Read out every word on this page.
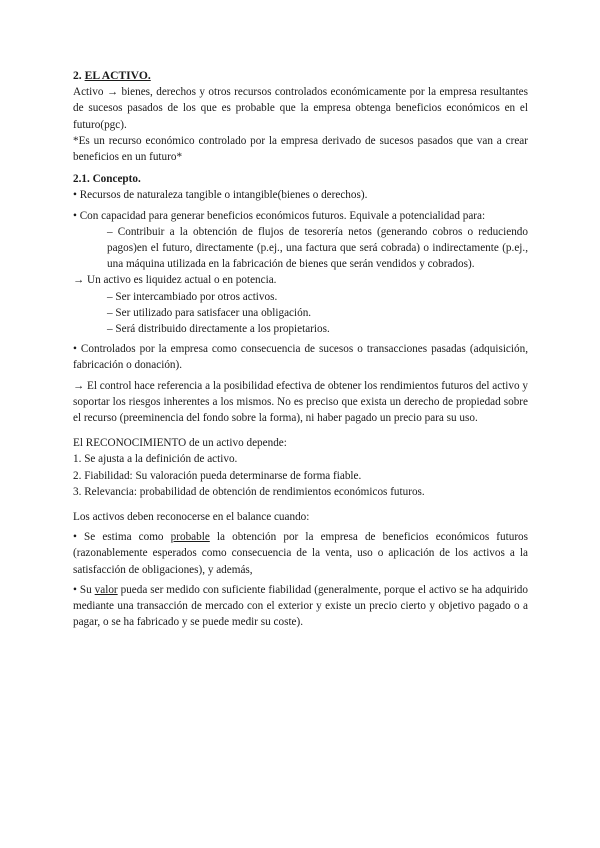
2. EL ACTIVO.

Activo → bienes, derechos y otros recursos controlados económicamente por la empresa resultantes de sucesos pasados de los que es probable que la empresa obtenga beneficios económicos en el futuro(pgc).

*Es un recurso económico controlado por la empresa derivado de sucesos pasados que van a crear beneficios en un futuro*

2.1. Concepto.

• Recursos de naturaleza tangible o intangible(bienes o derechos).

• Con capacidad para generar beneficios económicos futuros. Equivale a potencialidad para:

– Contribuir a la obtención de flujos de tesorería netos (generando cobros o reduciendo pagos)en el futuro, directamente (p.ej., una factura que será cobrada) o indirectamente (p.ej., una máquina utilizada en la fabricación de bienes que serán vendidos y cobrados).

→ Un activo es liquidez actual o en potencia.

– Ser intercambiado por otros activos.

– Ser utilizado para satisfacer una obligación.

– Será distribuido directamente a los propietarios.

• Controlados por la empresa como consecuencia de sucesos o transacciones pasadas (adquisición, fabricación o donación).

→ El control hace referencia a la posibilidad efectiva de obtener los rendimientos futuros del activo y soportar los riesgos inherentes a los mismos. No es preciso que exista un derecho de propiedad sobre el recurso (preeminencia del fondo sobre la forma), ni haber pagado un precio para su uso.

El RECONOCIMIENTO de un activo depende:

1. Se ajusta a la definición de activo.

2. Fiabilidad: Su valoración pueda determinarse de forma fiable.

3. Relevancia: probabilidad de obtención de rendimientos económicos futuros.

Los activos deben reconocerse en el balance cuando:

• Se estima como probable la obtención por la empresa de beneficios económicos futuros (razonablemente esperados como consecuencia de la venta, uso o aplicación de los activos a la satisfacción de obligaciones), y además,

• Su valor pueda ser medido con suficiente fiabilidad (generalmente, porque el activo se ha adquirido mediante una transacción de mercado con el exterior y existe un precio cierto y objetivo pagado o a pagar, o se ha fabricado y se puede medir su coste).
